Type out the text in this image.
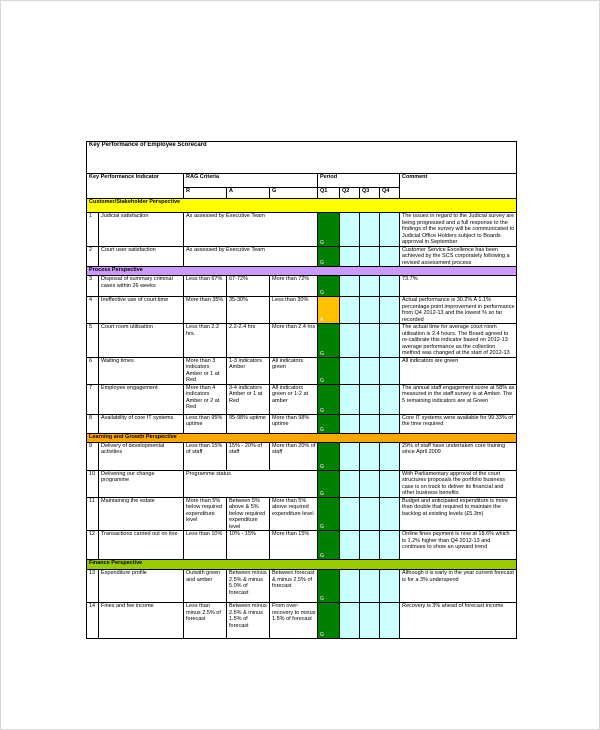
Key Performance of Employee Scorecard									
Key Performance Indicator		RAG Criteria			Period				Comment
		R	A	G	Q1	Q2	Q3	Q4	
Customer/Stakeholder Perspective									
1	Judicial satisfaction	As assessed by Executive Team			G				The issues in regard to the Judicial survey are being progressed and a full response to the findings of the survey will be communicated to Judicial Office Holders subject to Boards approval in September
2	Court user satisfaction	As assessed by Executive Team			G				Customer Service Excellence has been achieved by the SCS corporately following a revised assessment process
Process Perspective									
3	Disposal of summary criminal cases within 26 weeks	Less than 67%	67-72%	More than 72%	G				73.7%
4	Ineffective use of court time	More than 35%	35-30%	Less than 30%	A				Actual performance is 30.2% A 1.1% percentage point improvement in performance from Q4 2012-13 and the lowest % so far recorded
5	Court room utilisation	Less than 2.2 hrs.	2.2-2.4 hrs	More than 2.4 hrs	G				The actual time for average court room utilisation is 2.4 hours. The Board agreed to re-calibrate this indicator based on 2012-13 average performance as the collection method was changed at the start of 2012-13
6	Waiting times	More than 3 indicators Amber or 1 at Red	1-3 indicators Amber	All indicators green	G				All indicators are green
7	Employee engagement	More than 4 indicators Amber or 2 at Red	3-4 indicators Amber or 1 at Red	All indicators green or 1-2 at amber	G				The annual staff engagement score at 58% as measured in the staff survey is at Amber. The 5 remaining indicators are at Green
8	Availability of core IT systems	Less than 95% uptime	95-98% uptime	More than 98% uptime	G				Core IT systems were available for 99.33% of the time required
Learning and Growth Perspective									
9	Delivery of developmental activities	Less than 15% of staff	15% - 20% of staff	More than 20% of staff	G				29% of staff have undertaken core training since April 2009
10	Delivering our change programme	Programme status			G				With Parliamentary approval of the court structures proposals the portfolio business case is on track to deliver its financial and other business benefits
11	Maintaining the estate	More than 5% below required expenditure level	Between 5% above & 5% below required expenditure level	More than 5% above required expenditure level	G				Budget and anticipated expenditure is more than double that required to maintain the backlog at existing levels (£5.3m)
12	Transactions carried out on line	Less than 10%	10% - 15%	More than 15%	G				Online fines payment is now at 18.6% which is 1.2% higher than Q4 2012-13 and continues to show an upward trend
Finance Perspective									
13	Expenditure profile	Outwith green and amber	Between minus 2.5% & minus 5.0% of forecast	Between forecast & minus 2.5% of forecast	G				Although it is early in the year current forecast is for a 3% underspend
14	Fines and fee income	Less than minus 2.5% of forecast	Between minus 2.5% & minus 1.5% of forecast	From over-recovery to minus 1.5% of forecast	G				Recovery is 3% ahead of forecast income
